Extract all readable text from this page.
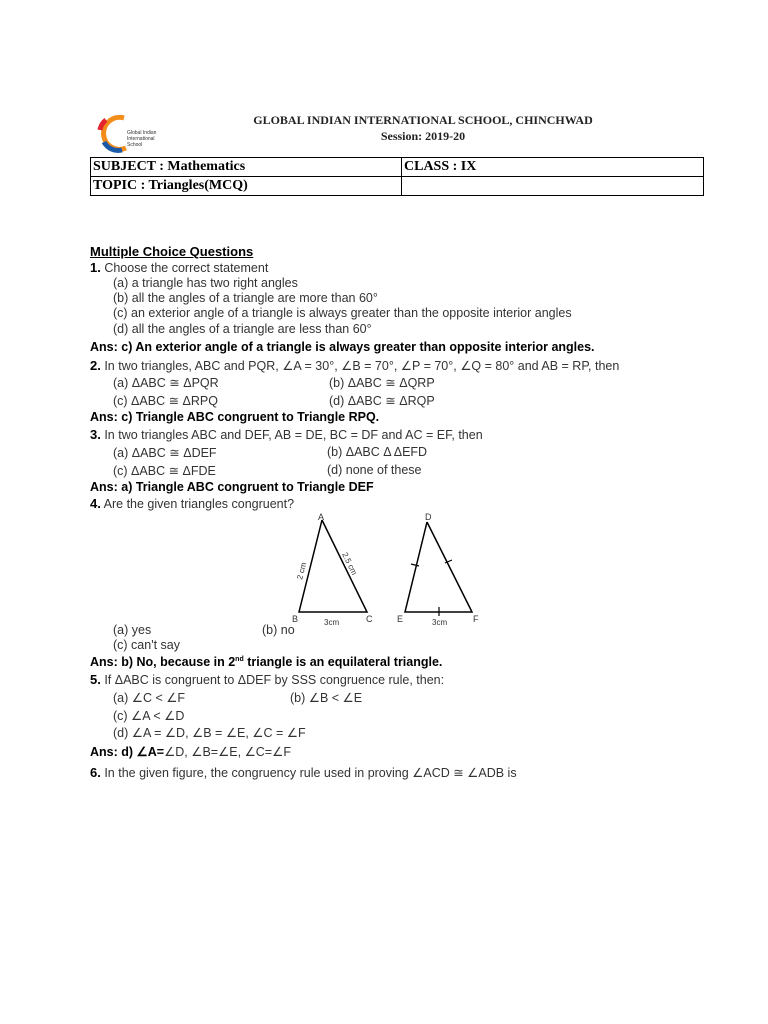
Global Indian
International
School
GLOBAL INDIAN INTERNATIONAL SCHOOL, CHINCHWAD
Session: 2019-20
SUBJECT : Mathematics	CLASS : IX
TOPIC : Triangles(MCQ)	
Multiple Choice Questions
1. Choose the correct statement
(a) a triangle has two right angles
(b) all the angles of a triangle are more than 60°
(c) an exterior angle of a triangle is always greater than the opposite interior angles
(d) all the angles of a triangle are less than 60°
Ans: c) An exterior angle of a triangle is always greater than opposite interior angles.
2. In two triangles, ABC and PQR, ∠A = 30°, ∠B = 70°, ∠P = 70°, ∠Q = 80° and AB = RP, then
(a) ΔABC ≅ ΔPQR	(b) ΔABC ≅ ΔQRP
(c) ΔABC ≅ ΔRPQ	(d) ΔABC ≅ ΔRQP
Ans: c) Triangle ABC congruent to Triangle RPQ.
3. In two triangles ABC and DEF, AB = DE, BC = DF and AC = EF, then
(a) ΔABC ≅ ΔDEF	(b) ΔABC Δ ΔEFD
(c) ΔABC ≅ ΔFDE	(d) none of these
Ans: a) Triangle ABC congruent to Triangle DEF
4. Are the given triangles congruent?
A
B	C
2 cm	2.5 cm
3cm
D
E	F
3cm
(a) yes	(b) no
(c) can't say
Ans: b) No, because in 2nd triangle is an equilateral triangle.
5. If ΔABC is congruent to ΔDEF by SSS congruence rule, then:
(a) ∠C < ∠F	(b) ∠B < ∠E
(c) ∠A < ∠D
(d) ∠A = ∠D, ∠B = ∠E, ∠C = ∠F
Ans: d) ∠A=∠D, ∠B=∠E, ∠C=∠F
6. In the given figure, the congruency rule used in proving ∠ACD ≅ ∠ADB is
